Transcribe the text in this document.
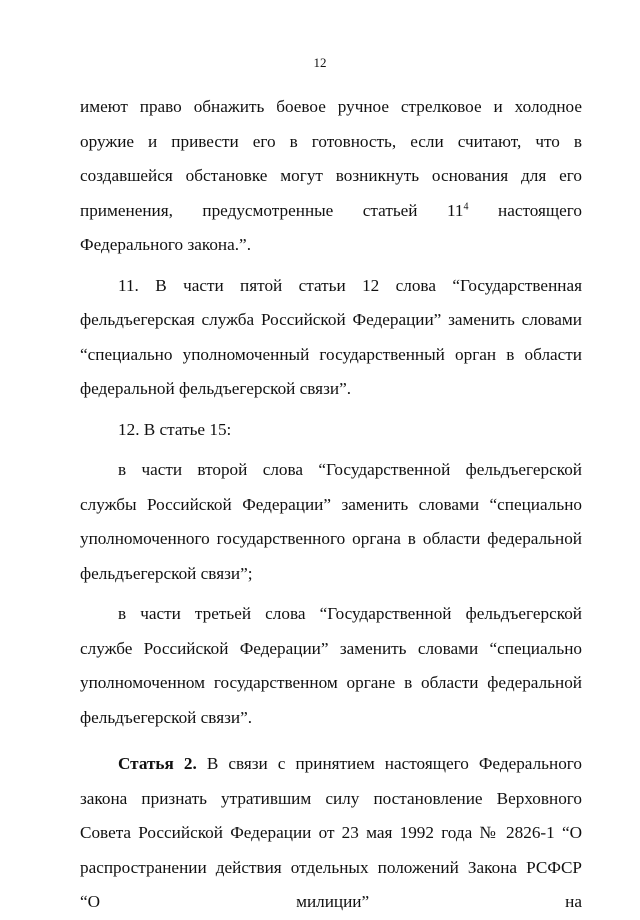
12

имеют право обнажить боевое ручное стрелковое и холодное оружие и привести его в готовность, если считают, что в создавшейся обстановке могут возникнуть основания для его применения, предусмотренные статьей $11^4$ настоящего Федерального закона.”.

11. В части пятой статьи 12 слова “Государственная фельдъегерская служба Российской Федерации” заменить словами “специально уполномоченный государственный орган в области федеральной фельдъегерской связи”.

12. В статье 15:

в части второй слова “Государственной фельдъегерской службы Российской Федерации” заменить словами “специально уполномоченного государственного органа в области федеральной фельдъегерской связи”;

в части третьей слова “Государственной фельдъегерской службе Российской Федерации” заменить словами “специально уполномоченном государственном органе в области федеральной фельдъегерской связи”.

Статья 2. В связи с принятием настоящего Федерального закона признать утратившим силу постановление Верховного Совета Российской Федерации от 23 мая 1992 года № 2826-1 “О распространении действия отдельных положений Закона РСФСР “О милиции” на
